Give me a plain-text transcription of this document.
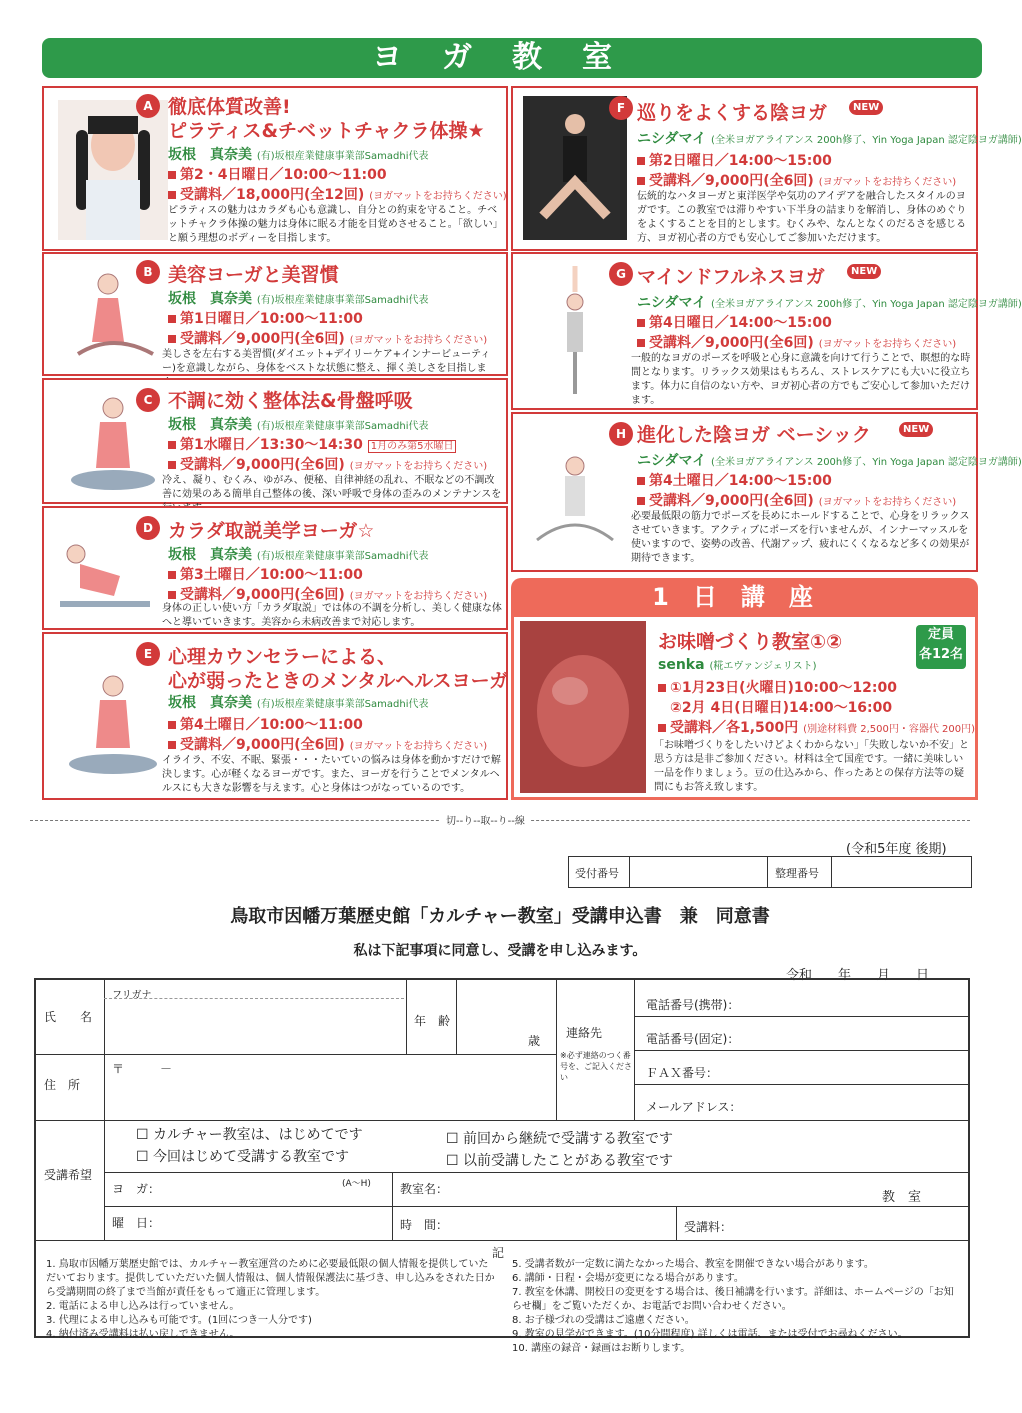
ヨガ教室
A 徹底体質改善!
ピラティス&チベットチャクラ体操★
坂根　真奈美 (有)坂根産業健康事業部Samadhi代表
第2・4日曜日／10:00～11:00
受講料／18,000円(全12回) (ヨガマットをお持ちください)
ピラティスの魅力はカラダも心も意識し、自分との約束を守ること。チベットチャクラ体操の魅力は身体に眠る才能を目覚めさせること。「欲しい」と願う理想のボディーを目指します。
B 美容ヨーガと美習慣
坂根　真奈美 (有)坂根産業健康事業部Samadhi代表
第1日曜日／10:00～11:00
受講料／9,000円(全6回) (ヨガマットをお持ちください)
美しさを左右する美習慣(ダイエット+デイリーケア+インナービューティー)を意識しながら、身体をベストな状態に整え、揮く美しさを目指しま
C 不調に効く整体法&骨盤呼吸
坂根　真奈美 (有)坂根産業健康事業部Samadhi代表
第1水曜日／13:30～14:30 1月のみ第5水曜日
受講料／9,000円(全6回) (ヨガマットをお持ちください)
冷え、凝り、むくみ、ゆがみ、便秘、自律神経の乱れ、不眠などの不調改善に効果のある簡単自己整体の後、深い呼吸で身体の歪みのメンテナンスを
D カラダ取説美学ヨーガ☆
坂根　真奈美 (有)坂根産業健康事業部Samadhi代表
第3土曜日／10:00～11:00
受講料／9,000円(全6回) (ヨガマットをお持ちください)
身体の正しい使い方「カラダ取説」では体の不調を分析し、美しく健康な体へと導いていきます。美容から未病改善まで対応します。
E 心理カウンセラーによる、
心が弱ったときのメンタルヘルスヨーガ
坂根　真奈美 (有)坂根産業健康事業部Samadhi代表
第4土曜日／10:00～11:00
受講料／9,000円(全6回) (ヨガマットをお持ちください)
イライラ、不安、不眠、緊張・・・たいていの悩みは身体を動かすだけで解決します。心が軽くなるヨーガです。また、ヨーガを行うことでメンタルヘルスにも大きな影響を与えます。心と身体はつがなっているのです。
F 巡りをよくする陰ヨガ	NEW
ニシダマイ (全米ヨガアライアンス 200h修了、Yin Yoga Japan 認定陰ヨガ講師)
第2日曜日／14:00～15:00
受講料／9,000円(全6回) (ヨガマットをお持ちください)
伝統的なハタヨーガと東洋医学や気功のアイデアを融合したスタイルのヨガです。この教室では滞りやすい下半身の詰まりを解消し、身体のめぐりをよくすることを目的とします。むくみや、なんとなくのだるさを感じる方、ヨガ初心者の方でも安心してご参加いただけます。
G マインドフルネスヨガ	NEW
ニシダマイ (全米ヨガアライアンス 200h修了、Yin Yoga Japan 認定陰ヨガ講師)
第4日曜日／14:00～15:00
受講料／9,000円(全6回) (ヨガマットをお持ちください)
一般的なヨガのポーズを呼吸と心身に意識を向けて行うことで、瞑想的な時間となります。リラックス効果はもちろん、ストレスケアにも大いに役立ちます。体力に自信のない方や、ヨガ初心者の方でもご安心して参加いただけます。
H 進化した陰ヨガ ベーシック	NEW
ニシダマイ (全米ヨガアライアンス 200h修了、Yin Yoga Japan 認定陰ヨガ講師)
第4土曜日／14:00～15:00
受講料／9,000円(全6回) (ヨガマットをお持ちください)
必要最低限の筋力でポーズを長めにホールドすることで、心身をリラックスさせていきます。アクティブにポーズを行いませんが、インナーマッスルを使いますので、姿勢の改善、代謝アップ、疲れにくくなるなど多くの効果が期待できます。
1日講座
お味噌づくり教室①②	定員
各12名
senka (糀エヴァンジェリスト)
①1月23日(火曜日)10:00～12:00
②2月 4日(日曜日)14:00～16:00
受講料／各1,500円 (別途材料費 2,500円・容器代 200円)
「お味噌づくりをしたいけどよくわからない」「失敗しないか不安」と思う方は是非ご参加ください。材料は全て国産です。一緒に美味しい一品を作りましょう。豆の仕込みから、作ったあとの保存方法等の疑問にもお答え致します。
切--り--取--り--線
(令和5年度 後期)
受付番号	整理番号
鳥取市因幡万葉歴史館「カルチャー教室」受講申込書　兼　同意書
私は下記事項に同意し、受講を申し込みます。
令和　　年　　月　　日
フリガナ
氏　　名	年　齢
歳
住　所
〒　　　－
連絡先
※必ず連絡のつく番号を、ご記入ください
電話番号(携帯)：
電話番号(固定)：
ＦＡＸ番号：
メールアドレス：
受講希望
☐ カルチャー教室は、はじめてです
☐ 今回はじめて受講する教室です
☐ 前回から継続で受講する教室です
☐ 以前受講したことがある教室です
ヨ　ガ：	(A～H) 教室名：
教　室
曜　日：	時　間：	受講料：
記
1. 鳥取市因幡万葉歴史館では、カルチャー教室運営のために必要最低限の個人情報を提供していただいております。提供していただいた個人情報は、個人情報保護法に基づき、申し込みをされた日から受講期間の終了まで当館が責任をもって適正に管理します。
2. 電話による申し込みは行っていません。
3. 代理による申し込みも可能です。(1回につき一人分です)
4. 納付済み受講料は払い戻しできません。
5. 受講者数が一定数に満たなかった場合、教室を開催できない場合があります。
6. 講師・日程・会場が変更になる場合があります。
7. 教室を休講、開校日の変更をする場合は、後日補講を行います。詳細は、ホームページの「お知らせ欄」をご覧いただくか、お電話でお問い合わせください。
8. お子様づれの受講はご遠慮ください。
9. 教室の見学ができます。(10分間程度) 詳しくは電話、または受付でお尋ねください。
10. 講座の録音・録画はお断りします。
